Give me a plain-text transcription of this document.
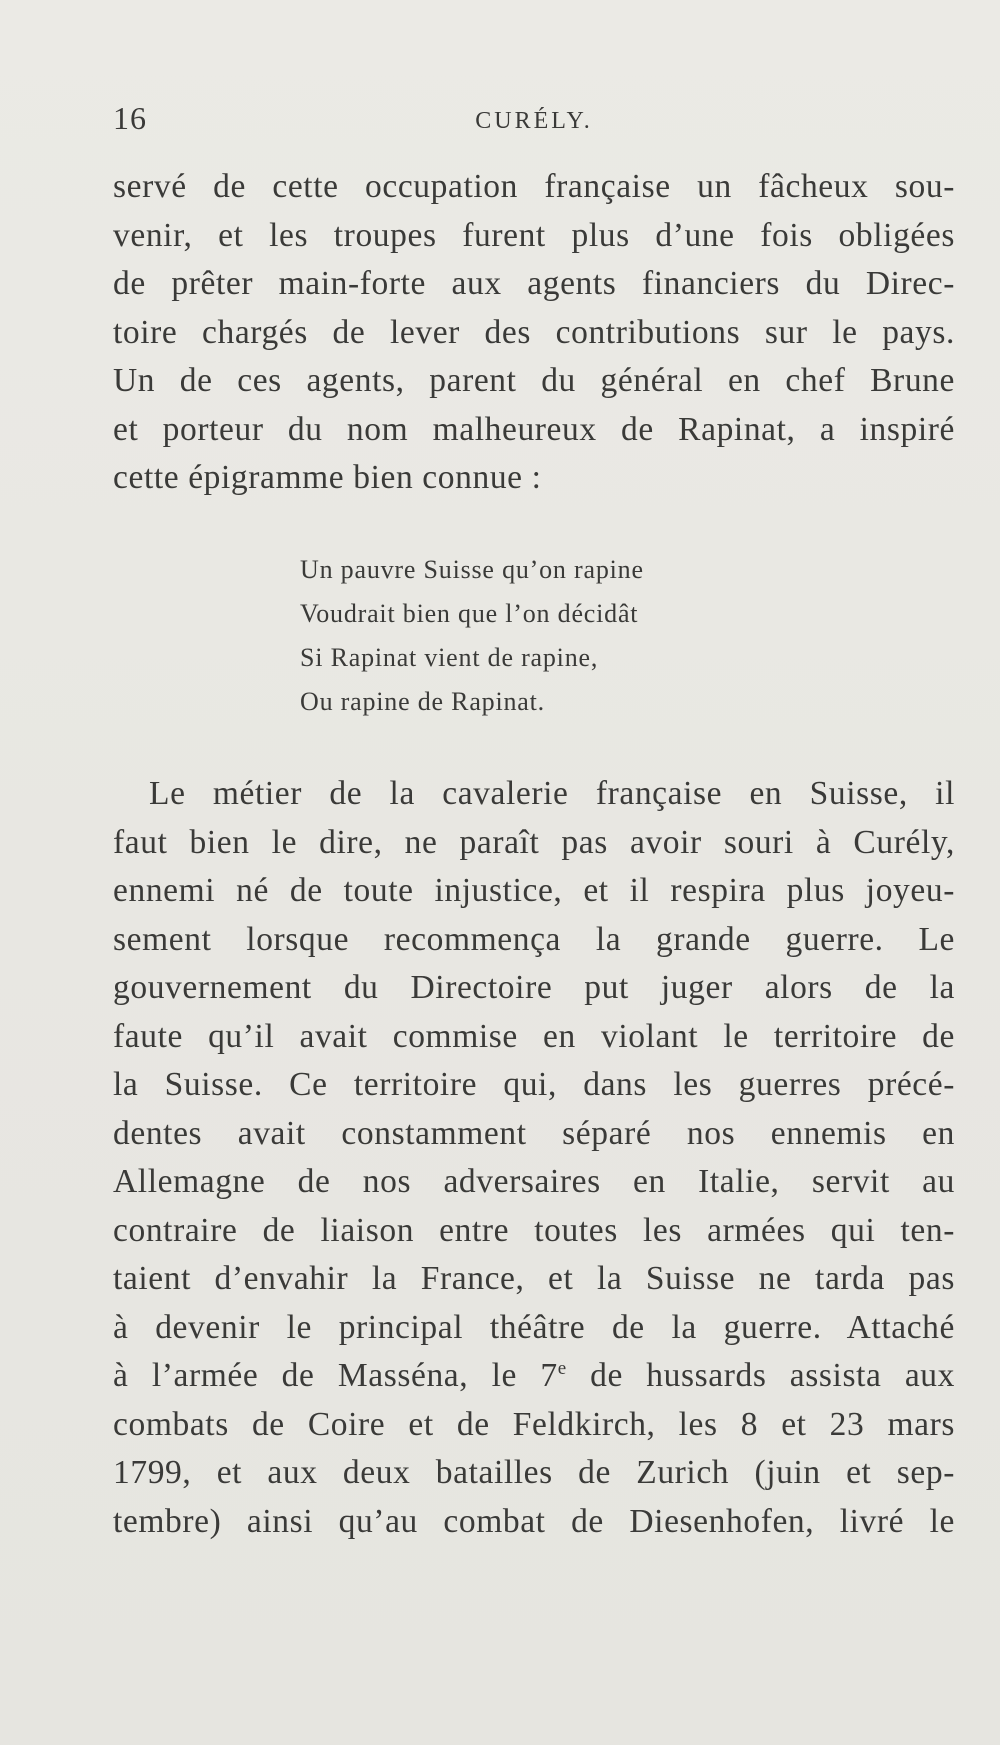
16	CURÉLY.
servé de cette occupation française un fâcheux sou-
venir, et les troupes furent plus d’une fois obligées
de prêter main-forte aux agents financiers du Direc-
toire chargés de lever des contributions sur le pays.
Un de ces agents, parent du général en chef Brune
et porteur du nom malheureux de Rapinat, a inspiré
cette épigramme bien connue :
Un pauvre Suisse qu’on rapine
Voudrait bien que l’on décidât
Si Rapinat vient de rapine,
Ou rapine de Rapinat.
Le métier de la cavalerie française en Suisse, il
faut bien le dire, ne paraît pas avoir souri à Curély,
ennemi né de toute injustice, et il respira plus joyeu-
sement lorsque recommença la grande guerre. Le
gouvernement du Directoire put juger alors de la
faute qu’il avait commise en violant le territoire de
la Suisse. Ce territoire qui, dans les guerres précé-
dentes avait constamment séparé nos ennemis en
Allemagne de nos adversaires en Italie, servit au
contraire de liaison entre toutes les armées qui ten-
taient d’envahir la France, et la Suisse ne tarda pas
à devenir le principal théâtre de la guerre. Attaché
à l’armée de Masséna, le 7e de hussards assista aux
combats de Coire et de Feldkirch, les 8 et 23 mars
1799, et aux deux batailles de Zurich (juin et sep-
tembre) ainsi qu’au combat de Diesenhofen, livré le
